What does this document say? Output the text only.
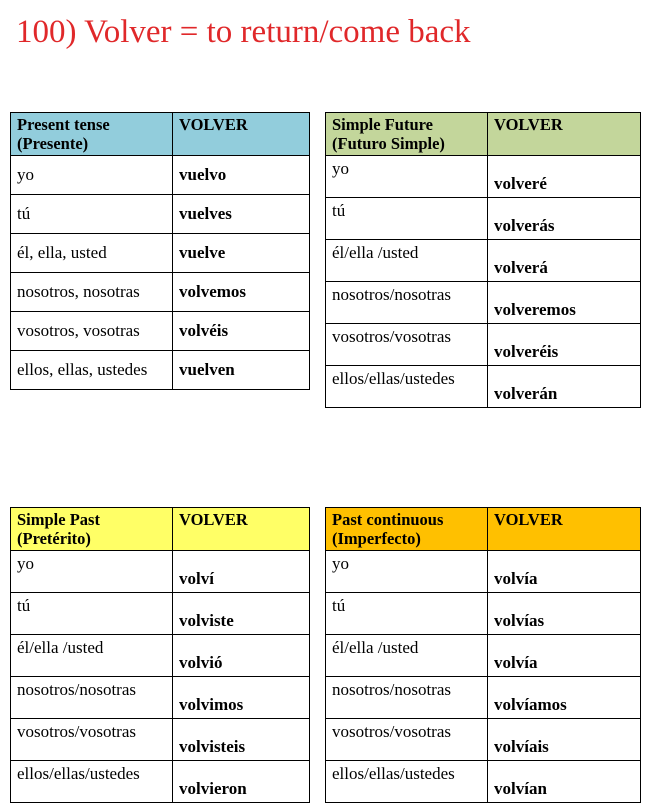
100) Volver = to return/come back
Present tense
(Presente)	VOLVER
yo	vuelvo
tú	vuelves
él, ella, usted	vuelve
nosotros, nosotras	volvemos
vosotros, vosotras	volvéis
ellos, ellas, ustedes	vuelven
Simple Future
(Futuro Simple)	VOLVER
yo	volveré
tú	volverás
él/ella /usted	volverá
nosotros/nosotras	volveremos
vosotros/vosotras	volveréis
ellos/ellas/ustedes	volverán
Simple Past
(Pretérito)	VOLVER
yo	volví
tú	volviste
él/ella /usted	volvió
nosotros/nosotras	volvimos
vosotros/vosotras	volvisteis
ellos/ellas/ustedes	volvieron
Past continuous
(Imperfecto)	VOLVER
yo	volvía
tú	volvías
él/ella /usted	volvía
nosotros/nosotras	volvíamos
vosotros/vosotras	volvíais
ellos/ellas/ustedes	volvían
